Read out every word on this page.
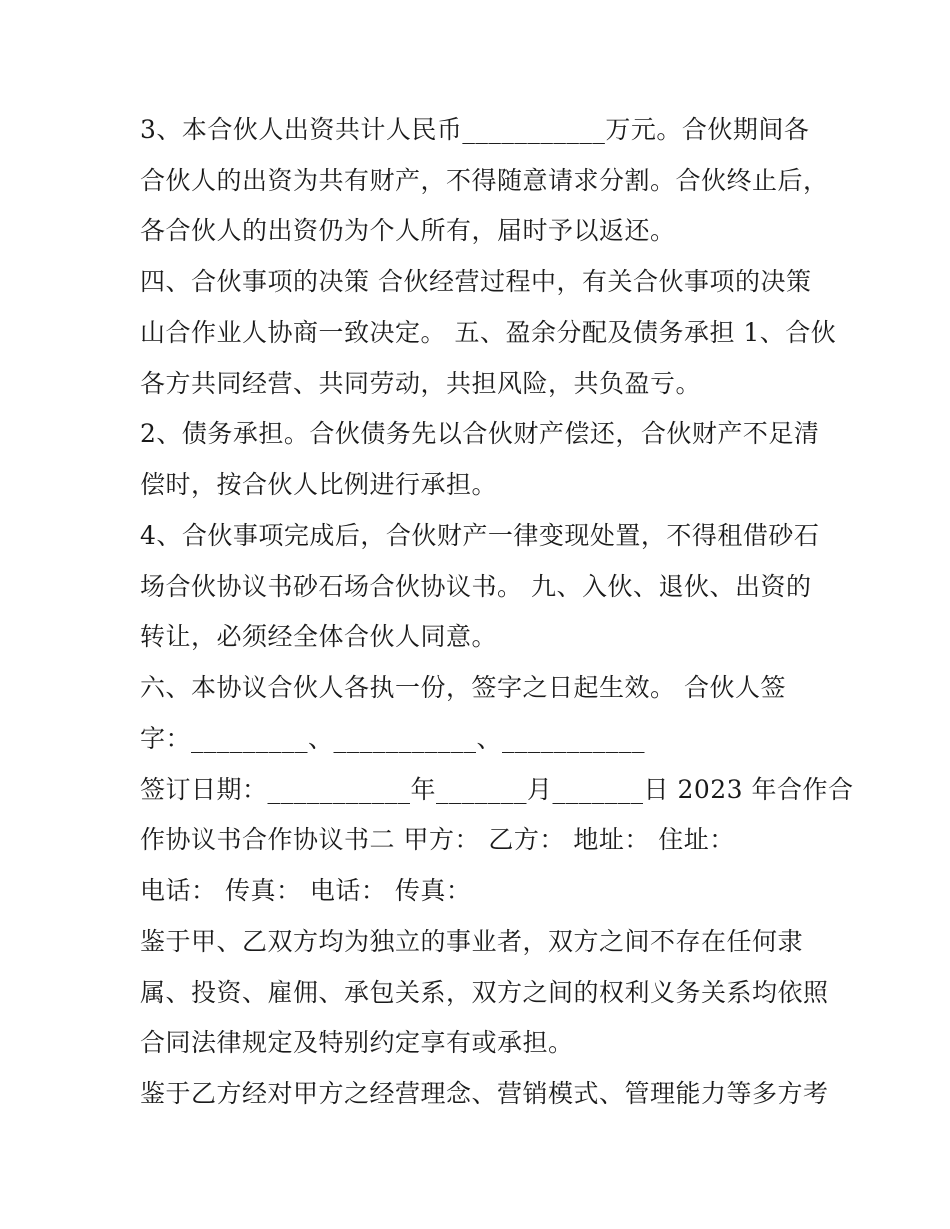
3、本合伙人出资共计人民币___________万元。合伙期间各
合伙人的出资为共有财产，不得随意请求分割。合伙终止后，
各合伙人的出资仍为个人所有，届时予以返还。
四、合伙事项的决策 合伙经营过程中，有关合伙事项的决策
山合作业人协商一致决定。 五、盈余分配及债务承担 1、合伙
各方共同经营、共同劳动，共担风险，共负盈亏。
2、债务承担。合伙债务先以合伙财产偿还，合伙财产不足清
偿时，按合伙人比例进行承担。
4、合伙事项完成后，合伙财产一律变现处置，不得租借砂石
场合伙协议书砂石场合伙协议书。 九、入伙、退伙、出资的
转让，必须经全体合伙人同意。
六、本协议合伙人各执一份，签字之日起生效。 合伙人签
字：_________、___________、___________
签订日期：___________年_______月_______日 2023 年合作合
作协议书合作协议书二 甲方： 乙方： 地址： 住址：
电话： 传真： 电话： 传真：
鉴于甲、乙双方均为独立的事业者，双方之间不存在任何隶
属、投资、雇佣、承包关系，双方之间的权利义务关系均依照
合同法律规定及特别约定享有或承担。
鉴于乙方经对甲方之经营理念、营销模式、管理能力等多方考
